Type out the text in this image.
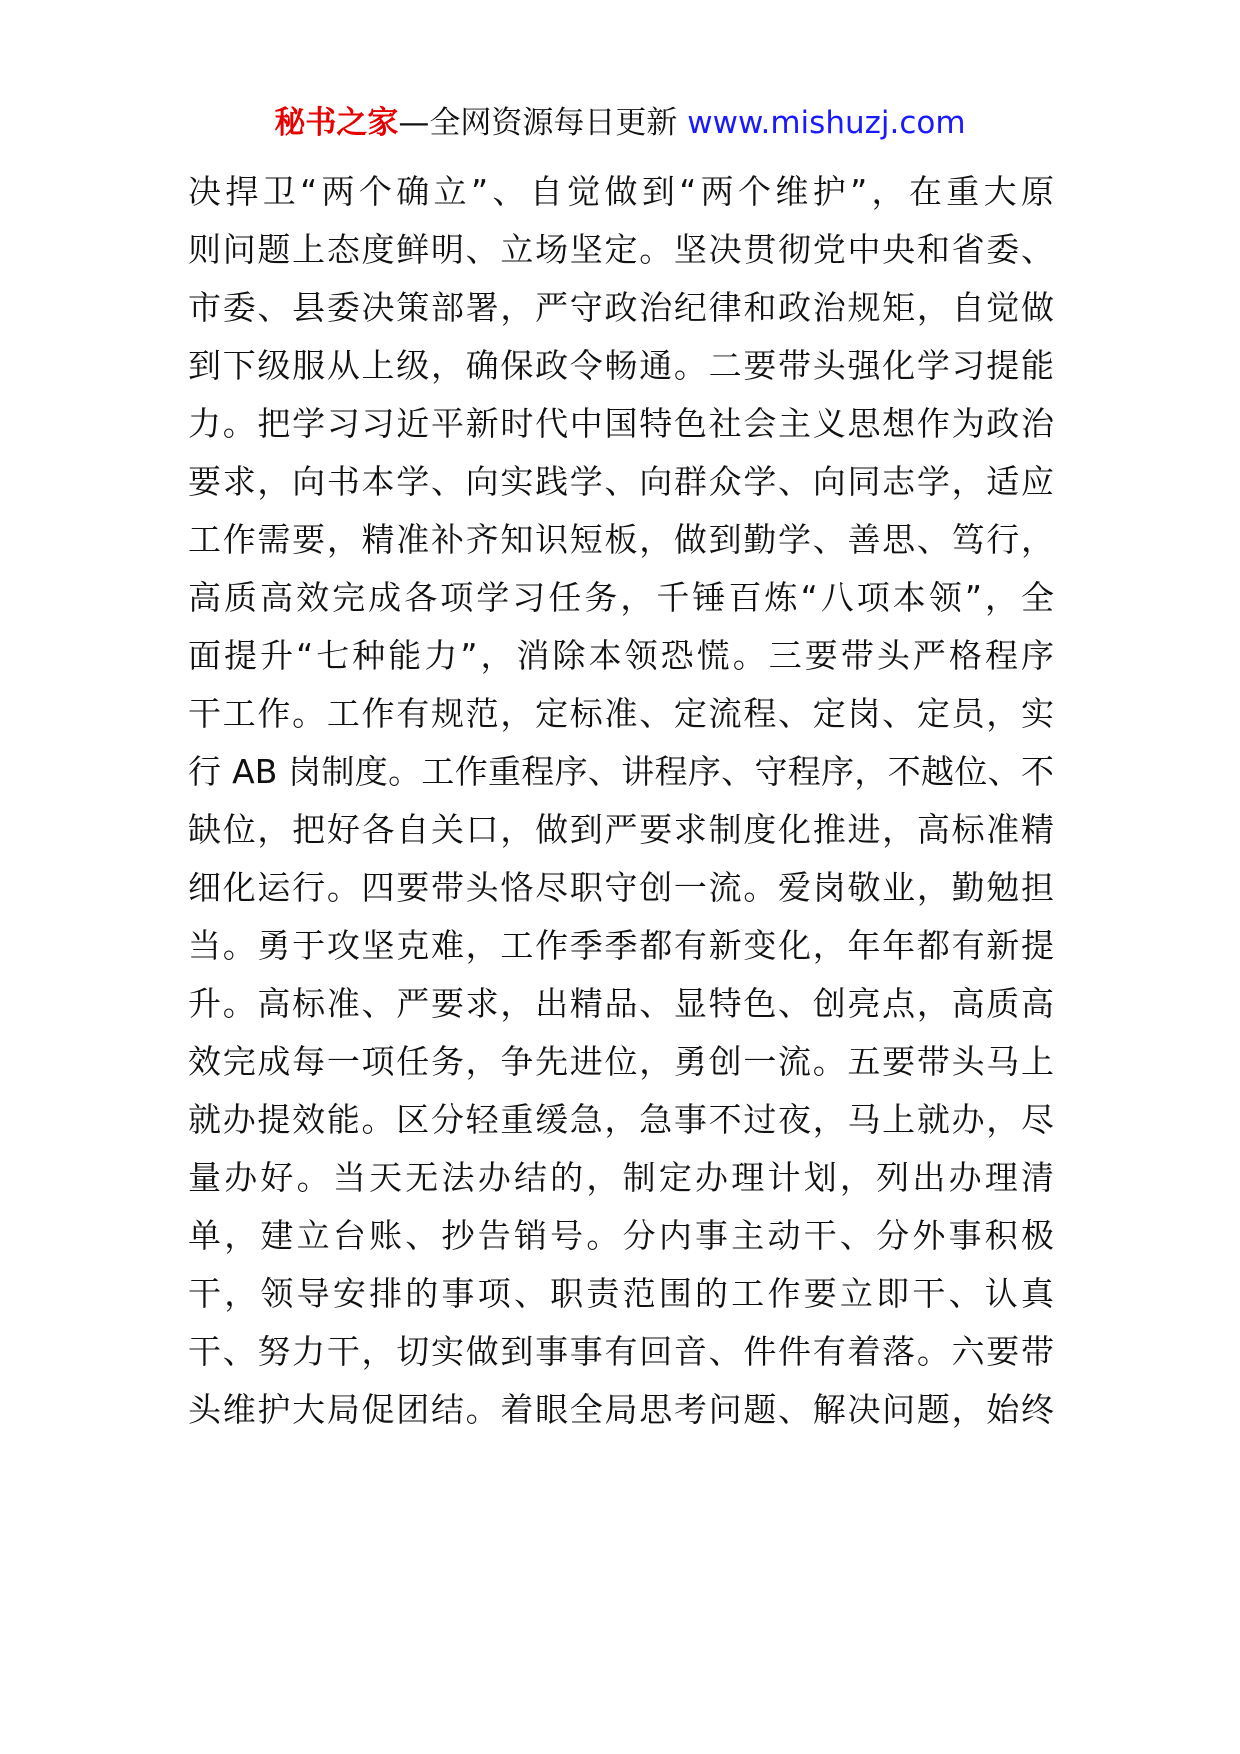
秘书之家—全网资源每日更新 www.mishuzj.com
决捍卫“两个确立”、自觉做到“两个维护”，在重大原
则问题上态度鲜明、立场坚定。坚决贯彻党中央和省委、
市委、县委决策部署，严守政治纪律和政治规矩，自觉做
到下级服从上级，确保政令畅通。二要带头强化学习提能
力。把学习习近平新时代中国特色社会主义思想作为政治
要求，向书本学、向实践学、向群众学、向同志学，适应
工作需要，精准补齐知识短板，做到勤学、善思、笃行，
高质高效完成各项学习任务，千锤百炼“八项本领”，全
面提升“七种能力”，消除本领恐慌。三要带头严格程序
干工作。工作有规范，定标准、定流程、定岗、定员，实
行 AB 岗制度。工作重程序、讲程序、守程序，不越位、不
缺位，把好各自关口，做到严要求制度化推进，高标准精
细化运行。四要带头恪尽职守创一流。爱岗敬业，勤勉担
当。勇于攻坚克难，工作季季都有新变化，年年都有新提
升。高标准、严要求，出精品、显特色、创亮点，高质高
效完成每一项任务，争先进位，勇创一流。五要带头马上
就办提效能。区分轻重缓急，急事不过夜，马上就办，尽
量办好。当天无法办结的，制定办理计划，列出办理清
单，建立台账、抄告销号。分内事主动干、分外事积极
干，领导安排的事项、职责范围的工作要立即干、认真
干、努力干，切实做到事事有回音、件件有着落。六要带
头维护大局促团结。着眼全局思考问题、解决问题，始终
